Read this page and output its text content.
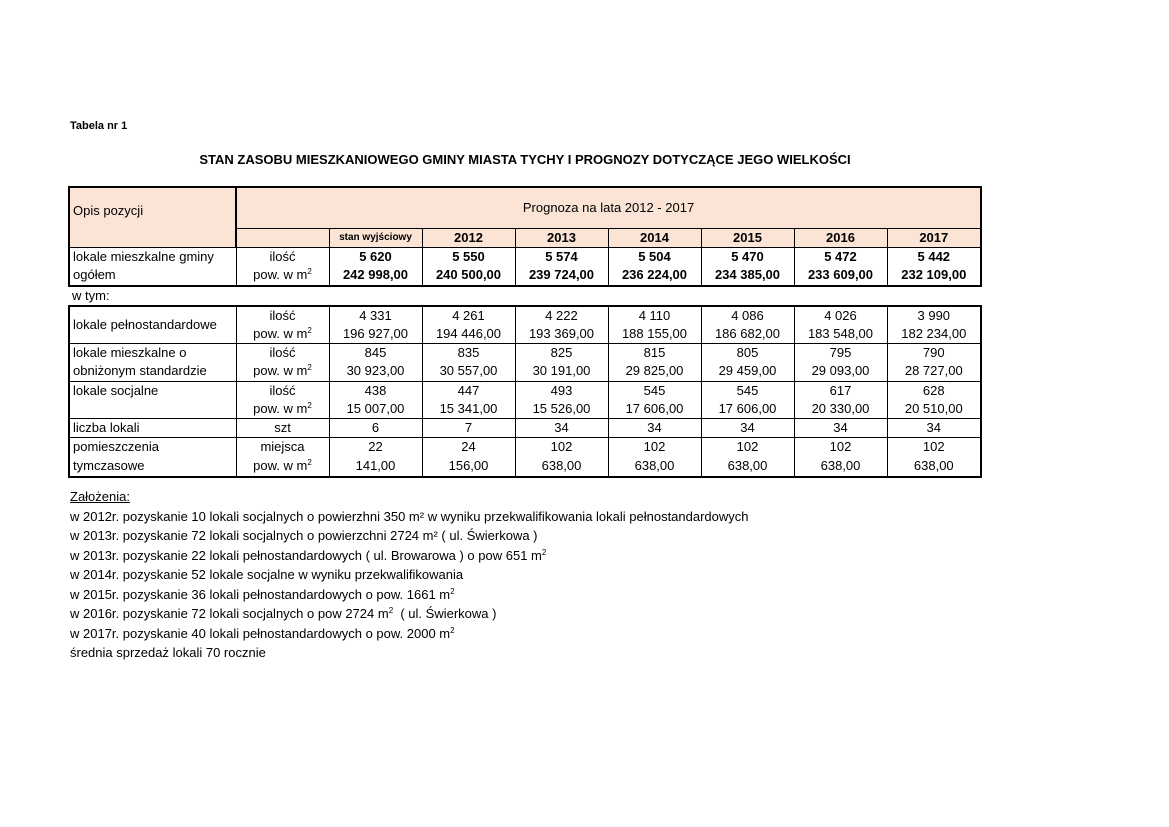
Tabela nr 1
STAN ZASOBU MIESZKANIOWEGO GMINY MIASTA TYCHY I PROGNOZY DOTYCZĄCE JEGO WIELKOŚCI
Opis pozycji	Prognoza na lata 2012 - 2017							
		stan wyjściowy	2012	2013	2014	2015	2016	2017
lokale mieszkalne gminy	ilość	5 620	5 550	5 574	5 504	5 470	5 472	5 442
ogółem	pow. w $m^2$	242 998,00	240 500,00	239 724,00	236 224,00	234 385,00	233 609,00	232 109,00
w tym:								
lokale pełnostandardowe	ilość	4 331	4 261	4 222	4 110	4 086	4 026	3 990
	pow. w $m^2$	196 927,00	194 446,00	193 369,00	188 155,00	186 682,00	183 548,00	182 234,00
lokale mieszkalne o	ilość	845	835	825	815	805	795	790
obniżonym standardzie	pow. w $m^2$	30 923,00	30 557,00	30 191,00	29 825,00	29 459,00	29 093,00	28 727,00
lokale socjalne	ilość	438	447	493	545	545	617	628
	pow. w $m^2$	15 007,00	15 341,00	15 526,00	17 606,00	17 606,00	20 330,00	20 510,00
liczba lokali	szt	6	7	34	34	34	34	34
pomieszczenia	miejsca	22	24	102	102	102	102	102
tymczasowe	pow. w $m^2$	141,00	156,00	638,00	638,00	638,00	638,00	638,00
Założenia:
w 2012r. pozyskanie 10 lokali socjalnych o powierzhni 350 m² w wyniku przekwalifikowania lokali pełnostandardowych
w 2013r. pozyskanie 72 lokali socjalnych o powierzchni 2724 m² ( ul. Świerkowa )
w 2013r. pozyskanie 22 lokali pełnostandardowych ( ul. Browarowa ) o pow 651 $m^2$
w 2014r. pozyskanie 52 lokale socjalne w wyniku przekwalifikowania
w 2015r. pozyskanie 36 lokali pełnostandardowych o pow. 1661 $m^2$
w 2016r. pozyskanie 72 lokali socjalnych o pow 2724 $m^2$  ( ul. Świerkowa )
w 2017r. pozyskanie 40 lokali pełnostandardowych o pow. 2000 $m^2$
średnia sprzedaż lokali 70 rocznie
